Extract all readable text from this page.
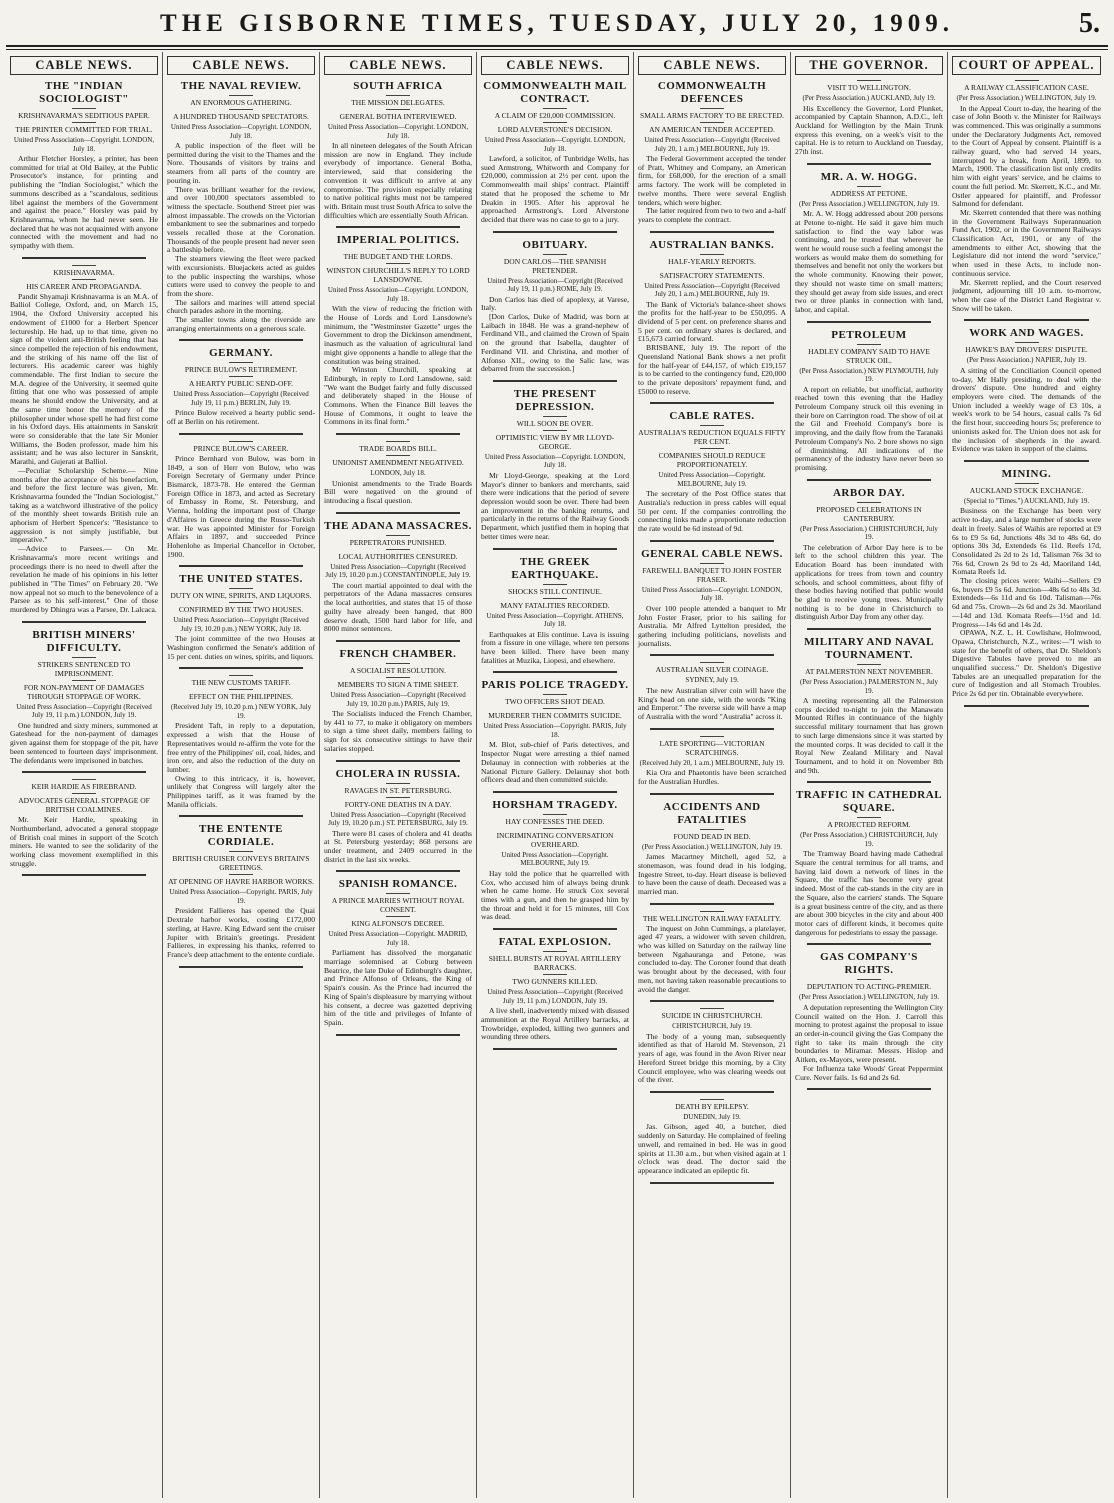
THE GISBORNE TIMES, TUESDAY, JULY 20, 1909.	5.
CABLE NEWS.
THE "INDIAN SOCIOLOGIST"
KRISHNAVARMA'S SEDITIOUS PAPER.
THE PRINTER COMMITTED FOR TRIAL.
United Press Association—Copyright. LONDON, July 18.

Arthur Fletcher Horsley, a printer, has been committed for trial at Old Bailey, at the Public Prosecutor's instance, for printing and publishing the "Indian Sociologist," which the summons described as a "scandalous, seditious libel against the members of the Government and against the peace." Horsley was paid by Krishnavarma, whom he had never seen. He declared that he was not acquainted with anyone connected with the movement and had no sympathy with them.

KRISHNAVARMA.
HIS CAREER AND PROPAGANDA.

Pandit Shyamaji Krishnavarma is an M.A. of Balliol College, Oxford, and, on March 15, 1904, the Oxford University accepted his endowment of £1000 for a Herbert Spencer lectureship. He had, up to that time, given no sign of the violent anti-British feeling that has since compelled the rejection of his endowment, and the striking of his name off the list of lecturers. His academic career was highly commendable. The first Indian to secure the M.A. degree of the University, it seemed quite fitting that one who was possessed of ample means he should endow the University, and at the same time honor the memory of the philosopher under whose spell he had first come in his Oxford days. His attainments in Sanskrit were so considerable that the late Sir Monier Williams, the Boden professor, made him his assistant; and he was also lecturer in Sanskrit, Marathi, and Gujerati at Balliol.

—Peculiar Scholarship Scheme.— Nine months after the acceptance of his benefaction, and before the first lecture was given, Mr. Krishnavarma founded the "Indian Sociologist," taking as a watchword illustrative of the policy of the monthly sheet towards British rule an aphorism of Herbert Spencer's: "Resistance to aggression is not simply justifiable, but imperative."

—Advice to Parsees.— On Mr. Krishnavarma's more recent writings and proceedings there is no need to dwell after the revelation he made of his opinions in his letter published in "The Times" on February 20. "We now appeal not so much to the benevolence of a Parsee as to his self-interest." One of those murdered by Dhingra was a Parsee, Dr. Lalcaca.

BRITISH MINERS' DIFFICULTY.
STRIKERS SENTENCED TO IMPRISONMENT.
FOR NON-PAYMENT OF DAMAGES THROUGH STOPPAGE OF WORK.
United Press Association—Copyright (Received July 19, 11 p.m.) LONDON, July 19.

One hundred and sixty miners, summoned at Gateshead for the non-payment of damages given against them for stoppage of the pit, have been sentenced to fourteen days' imprisonment. The defendants were imprisoned in batches.

KEIR HARDIE AS FIREBRAND.
ADVOCATES GENERAL STOPPAGE OF BRITISH COALMINES.

Mr. Keir Hardie, speaking in Northumberland, advocated a general stoppage of British coal mines in support of the Scotch miners. He wanted to see the solidarity of the working class movement exemplified in this struggle.

CABLE NEWS.
THE NAVAL REVIEW.
AN ENORMOUS GATHERING.
A HUNDRED THOUSAND SPECTATORS.
United Press Association—Copyright. LONDON, July 18.

A public inspection of the fleet will be permitted during the visit to the Thames and the Nore. Thousands of visitors by trains and steamers from all parts of the country are pouring in.

There was brilliant weather for the review, and over 100,000 spectators assembled to witness the spectacle. Southend Street pier was almost impassable. The crowds on the Victorian embankment to see the submarines and torpedo vessels recalled those at the Coronation. Thousands of the people present had never seen a battleship before.

The steamers viewing the fleet were packed with excursionists. Bluejackets acted as guides to the public inspecting the warships, whose cutters were used to convey the people to and from the shore.

The sailors and marines will attend special church parades ashore in the morning.

The smaller towns along the riverside are arranging entertainments on a generous scale.

GERMANY.
PRINCE BULOW'S RETIREMENT.
A HEARTY PUBLIC SEND-OFF.
United Press Association—Copyright (Received July 19, 11 p.m.) BERLIN, July 19.

Prince Bulow received a hearty public send-off at Berlin on his retirement.

PRINCE BULOW'S CAREER.

Prince Bernhard von Bulow, was born in 1849, a son of Herr von Bulow, who was Foreign Secretary of Germany under Prince Bismarck, 1873-78. He entered the German Foreign Office in 1873, and acted as Secretary of Embassy in Rome, St. Petersburg, and Vienna, holding the important post of Charge d'Affaires in Greece during the Russo-Turkish war. He was appointed Minister for Foreign Affairs in 1897, and succeeded Prince Hohenlohe as Imperial Chancellor in October, 1900.

THE UNITED STATES.
DUTY ON WINE, SPIRITS, AND LIQUORS.
CONFIRMED BY THE TWO HOUSES.
United Press Association—Copyright (Received July 19, 10.20 p.m.) NEW YORK, July 18.

The joint committee of the two Houses at Washington confirmed the Senate's addition of 15 per cent. duties on wines, spirits, and liquors.

THE NEW CUSTOMS TARIFF.
EFFECT ON THE PHILIPPINES.
(Received July 19, 10.20 p.m.) NEW YORK, July 19.

President Taft, in reply to a deputation, expressed a wish that the House of Representatives would re-affirm the vote for the free entry of the Philippines' oil, coal, hides, and iron ore, and also the reduction of the duty on lumber.

Owing to this intricacy, it is, however, unlikely that Congress will largely alter the Philippines tariff, as it was framed by the Manila officials.

THE ENTENTE CORDIALE.
BRITISH CRUISER CONVEYS BRITAIN'S GREETINGS.
AT OPENING OF HAVRE HARBOR WORKS.
United Press Association—Copyright. PARIS, July 19.

President Fallieres has opened the Quai Dextrale harbor works, costing £172,000 sterling, at Havre. King Edward sent the cruiser Jupiter with Britain's greetings. President Fallieres, in expressing his thanks, referred to France's deep attachment to the entente cordiale.

CABLE NEWS.
SOUTH AFRICA
THE MISSION DELEGATES.
GENERAL BOTHA INTERVIEWED.
United Press Association—Copyright. LONDON, July 18.

In all nineteen delegates of the South African mission are now in England. They include everybody of importance. General Botha, interviewed, said that considering the convention it was difficult to arrive at any compromise. The provision especially relating to native political rights must not be tampered with. Britain must trust South Africa to solve the difficulties which are essentially South African.

IMPERIAL POLITICS.
THE BUDGET AND THE LORDS.
WINSTON CHURCHILL'S REPLY TO LORD LANSDOWNE.
United Press Association—Copyright. LONDON, July 18.

With the view of reducing the friction with the House of Lords and Lord Lansdowne's minimum, the "Westminster Gazette" urges the Government to drop the Dickinson amendment, inasmuch as the valuation of agricultural land might give opponents a handle to allege that the constitution was being strained.

Mr Winston Churchill, speaking at Edinburgh, in reply to Lord Lansdowne, said: "We want the Budget fairly and fully discussed and deliberately shaped in the House of Commons. When the Finance Bill leaves the House of Commons, it ought to leave the Commons in its final form."

TRADE BOARDS BILL.
UNIONIST AMENDMENT NEGATIVED.
LONDON, July 18.

Unionist amendments to the Trade Boards Bill were negatived on the ground of introducing a fiscal question.

THE ADANA MASSACRES.
PERPETRATORS PUNISHED.
LOCAL AUTHORITIES CENSURED.
United Press Association—Copyright (Received July 19, 10.20 p.m.) CONSTANTINOPLE, July 19.

The court martial appointed to deal with the perpetrators of the Adana massacres censures the local authorities, and states that 15 of those guilty have already been hanged, that 800 deserve death, 1500 hard labor for life, and 8000 minor sentences.

FRENCH CHAMBER.
A SOCIALIST RESOLUTION.
MEMBERS TO SIGN A TIME SHEET.
United Press Association—Copyright (Received July 19, 10.20 p.m.) PARIS, July 19.

The Socialists induced the French Chamber, by 441 to 77, to make it obligatory on members to sign a time sheet daily, members failing to sign for six consecutive sittings to have their salaries stopped.

CHOLERA IN RUSSIA.
RAVAGES IN ST. PETERSBURG.
FORTY-ONE DEATHS IN A DAY.
United Press Association—Copyright (Received July 19, 10.20 p.m.) ST. PETERSBURG, July 19.

There were 81 cases of cholera and 41 deaths at St. Petersburg yesterday; 868 persons are under treatment, and 2409 occurred in the district in the last six weeks.

SPANISH ROMANCE.
A PRINCE MARRIES WITHOUT ROYAL CONSENT.
KING ALFONSO'S DECREE.
United Press Association—Copyright. MADRID, July 18.

Parliament has dissolved the morganatic marriage solemnised at Coburg between Beatrice, the late Duke of Edinburgh's daughter, and Prince Alfonso of Orleans, the King of Spain's cousin. As the Prince had incurred the King of Spain's displeasure by marrying without his consent, a decree was gazetted depriving him of the title and privileges of Infante of Spain.

CABLE NEWS.
COMMONWEALTH MAIL CONTRACT.
A CLAIM OF £20,000 COMMISSION.
LORD ALVERSTONE'S DECISION.
United Press Association—Copyright. LONDON, July 18.

Lawford, a solicitor, of Tunbridge Wells, has sued Armstrong, Whitworth and Company for £20,000, commission at 2½ per cent. upon the Commonwealth mail ships' contract. Plaintiff stated that he proposed the scheme to Mr Deakin in 1905. After his approval he approached Armstrong's. Lord Alverstone decided that there was no case to go to a jury.

OBITUARY.
DON CARLOS—THE SPANISH PRETENDER.
United Press Association—Copyright (Received July 19, 11 p.m.) ROME, July 19.

Don Carlos has died of apoplexy, at Varese, Italy.

[Don Carlos, Duke of Madrid, was born at Laibach in 1848. He was a grand-nephew of Ferdinand VII., and claimed the Crown of Spain on the ground that Isabella, daughter of Ferdinand VII. and Christina, and mother of Alfonso XII., owing to the Salic law, was debarred from the succession.]

THE PRESENT DEPRESSION.
WILL SOON BE OVER.
OPTIMISTIC VIEW BY MR LLOYD-GEORGE.
United Press Association—Copyright. LONDON, July 18.

Mr Lloyd-George, speaking at the Lord Mayor's dinner to bankers and merchants, said there were indications that the period of severe depression would soon be over. There had been an improvement in the banking returns, and particularly in the returns of the Railway Goods Department, which justified them in hoping that better times were near.

THE GREEK EARTHQUAKE.
SHOCKS STILL CONTINUE.
MANY FATALITIES RECORDED.
United Press Association—Copyright. ATHENS, July 18.

Earthquakes at Elis continue. Lava is issuing from a fissure in one village, where ten persons have been killed. There have been many fatalities at Muzika, Liopesi, and elsewhere.

PARIS POLICE TRAGEDY.
TWO OFFICERS SHOT DEAD.
MURDERER THEN COMMITS SUICIDE.
United Press Association—Copyright. PARIS, July 18.

M. Blot, sub-chief of Paris detectives, and Inspector Nugat were arresting a thief named Delaunay in connection with robberies at the National Picture Gallery. Delaunay shot both officers dead and then committed suicide.

HORSHAM TRAGEDY.
HAY CONFESSES THE DEED.
INCRIMINATING CONVERSATION OVERHEARD.
United Press Association—Copyright. MELBOURNE, July 19.

Hay told the police that he quarrelled with Cox, who accused him of always being drunk when he came home. He struck Cox several times with a gun, and then he grasped him by the throat and held it for 15 minutes, till Cox was dead.

FATAL EXPLOSION.
SHELL BURSTS AT ROYAL ARTILLERY BARRACKS.
TWO GUNNERS KILLED.
United Press Association—Copyright (Received July 19, 11 p.m.) LONDON, July 19.

A live shell, inadvertently mixed with disused ammunition at the Royal Artillery barracks, at Trowbridge, exploded, killing two gunners and wounding three others.

CABLE NEWS.
COMMONWEALTH DEFENCES
SMALL ARMS FACTORY TO BE ERECTED.
AN AMERICAN TENDER ACCEPTED.
United Press Association—Copyright (Received July 20, 1 a.m.) MELBOURNE, July 19.

The Federal Government accepted the tender of Pratt, Whitney and Company, an American firm, for £68,000, for the erection of a small arms factory. The work will be completed in twelve months. There were several English tenders, which were higher.

The latter required from two to two and a-half years to complete the contract.

AUSTRALIAN BANKS.
HALF-YEARLY REPORTS.
SATISFACTORY STATEMENTS.
United Press Association—Copyright (Received July 20, 1 a.m.) MELBOURNE, July 19.

The Bank of Victoria's balance-sheet shows the profits for the half-year to be £50,095. A dividend of 5 per cent. on preference shares and 5 per cent. on ordinary shares is declared, and £15,673 carried forward.

BRISBANE, July 19. The report of the Queensland National Bank shows a net profit for the half-year of £44,157, of which £19,157 is to be carried to the contingency fund, £20,000 to the private depositors' repayment fund, and £5000 to reserve.

CABLE RATES.
AUSTRALIA'S REDUCTION EQUALS FIFTY PER CENT.
COMPANIES SHOULD REDUCE PROPORTIONATELY.
United Press Association—Copyright. MELBOURNE, July 19.

The secretary of the Post Office states that Australia's reduction in press cables will equal 50 per cent. If the companies controlling the connecting links made a proportionate reduction the rate would be 6d instead of 9d.

GENERAL CABLE NEWS.
FAREWELL BANQUET TO JOHN FOSTER FRASER.
United Press Association—Copyright. LONDON, July 18.

Over 100 people attended a banquet to Mr John Foster Fraser, prior to his sailing for Australia. Mr Alfred Lyttelton presided, the gathering including politicians, novelists and journalists.

AUSTRALIAN SILVER COINAGE.
SYDNEY, July 19.

The new Australian silver coin will have the King's head on one side, with the words "King and Emperor." The reverse side will have a map of Australia with the word "Australia" across it.

LATE SPORTING—VICTORIAN SCRATCHINGS.
(Received July 20, 1 a.m.) MELBOURNE, July 19.

Kia Ora and Phaetontis have been scratched for the Australian Hurdles.

ACCIDENTS AND FATALITIES
FOUND DEAD IN BED.
(Per Press Association.) WELLINGTON, July 19.

James Macartney Mitchell, aged 52, a stonemason, was found dead in his lodging, Ingestre Street, to-day. Heart disease is believed to have been the cause of death. Deceased was a married man.

THE WELLINGTON RAILWAY FATALITY.

The inquest on John Cummings, a platelayer, aged 47 years, a widower with seven children, who was killed on Saturday on the railway line between Ngahauranga and Petone, was concluded to-day. The Coroner found that death was brought about by the deceased, with four men, not having taken reasonable precautions to avoid the danger.

SUICIDE IN CHRISTCHURCH.
CHRISTCHURCH, July 19.

The body of a young man, subsequently identified as that of Harold M. Stevenson, 21 years of age, was found in the Avon River near Hereford Street bridge this morning, by a City Council employee, who was clearing weeds out of the river.

DEATH BY EPILEPSY.
DUNEDIN, July 19.

Jas. Gibson, aged 40, a butcher, died suddenly on Saturday. He complained of feeling unwell, and remained in bed. He was in good spirits at 11.30 a.m., but when visited again at 1 o'clock was dead. The doctor said the appearance indicated an epileptic fit.

THE GOVERNOR.
VISIT TO WELLINGTON.
(Per Press Association.) AUCKLAND, July 19.

His Excellency the Governor, Lord Plunket, accompanied by Captain Shannon, A.D.C., left Auckland for Wellington by the Main Trunk express this evening, on a week's visit to the capital. He is to return to Auckland on Tuesday, 27th inst.

MR. A. W. HOGG.
ADDRESS AT PETONE.
(Per Press Association.) WELLINGTON, July 19.

Mr. A. W. Hogg addressed about 200 persons at Petone to-night. He said it gave him much satisfaction to find the way labor was continuing, and he trusted that wherever he went he would rouse such a feeling amongst the workers as would make them do something for themselves and benefit not only the workers but the whole community. Knowing their power, they should not waste time on small matters; they should get away from side issues, and erect two or three planks in connection with land, labor, and capital.

PETROLEUM
HADLEY COMPANY SAID TO HAVE STRUCK OIL.
(Per Press Association.) NEW PLYMOUTH, July 19.

A report on reliable, but unofficial, authority reached town this evening that the Hadley Petroleum Company struck oil this evening in their bore on Carrington road. The show of oil at the Gil and Freehold Company's bore is improving, and the daily flow from the Taranaki Petroleum Company's No. 2 bore shows no sign of diminishing. All indications of the permanency of the industry have never been so promising.

ARBOR DAY.
PROPOSED CELEBRATIONS IN CANTERBURY.
(Per Press Association.) CHRISTCHURCH, July 19.

The celebration of Arbor Day here is to be left to the school children this year. The Education Board has been inundated with applications for trees from town and country schools, and school committees, about fifty of these bodies having notified that public would be glad to receive young trees. Municipally nothing is to be done in Christchurch to distinguish Arbor Day from any other day.

MILITARY AND NAVAL TOURNAMENT.
AT PALMERSTON NEXT NOVEMBER.
(Per Press Association.) PALMERSTON N., July 19.

A meeting representing all the Palmerston corps decided to-night to join the Manawatu Mounted Rifles in continuance of the highly successful military tournament that has grown to such large dimensions since it was started by the mounted corps. It was decided to call it the Royal New Zealand Military and Naval Tournament, and to hold it on November 8th and 9th.

TRAFFIC IN CATHEDRAL SQUARE.
A PROJECTED REFORM.
(Per Press Association.) CHRISTCHURCH, July 19.

The Tramway Board having made Cathedral Square the central terminus for all trams, and having laid down a network of lines in the Square, the traffic has become very great indeed. Most of the cab-stands in the city are in the Square, also the carriers' stands. The Square is a great business centre of the city, and as there are about 300 bicycles in the city and about 400 motor cars of different kinds, it becomes quite dangerous for pedestrians to essay the passage.

GAS COMPANY'S RIGHTS.
DEPUTATION TO ACTING-PREMIER.
(Per Press Association.) WELLINGTON, July 19.

A deputation representing the Wellington City Council waited on the Hon. J. Carroll this morning to protest against the proposal to issue an order-in-council giving the Gas Company the right to take its main through the city boundaries to Miramar. Messrs. Hislop and Aitken, ex-Mayors, were present.

For Influenza take Woods' Great Peppermint Cure. Never fails. 1s 6d and 2s 6d.

COURT OF APPEAL.
A RAILWAY CLASSIFICATION CASE.
(Per Press Association.) WELLINGTON, July 19.

In the Appeal Court to-day, the hearing of the case of John Booth v. the Minister for Railways was commenced. This was originally a summons under the Declaratory Judgments Act, removed to the Court of Appeal by consent. Plaintiff is a railway guard, who had served 14 years, interrupted by a break, from April, 1899, to March, 1900. The classification list only credits him with eight years' service, and he claims to count the full period. Mr. Skerrett, K.C., and Mr. Ostler appeared for plaintiff, and Professor Salmond for defendant.

Mr. Skerrett contended that there was nothing in the Government Railways Superannuation Fund Act, 1902, or in the Government Railways Classification Act, 1901, or any of the amendments to either Act, showing that the Legislature did not intend the word "service," when used in these Acts, to include non-continuous service.

Mr. Skerrett replied, and the Court reserved judgment, adjourning till 10 a.m. to-morrow, when the case of the District Land Registrar v. Snow will be taken.

WORK AND WAGES.
HAWKE'S BAY DROVERS' DISPUTE.
(Per Press Association.) NAPIER, July 19.

A sitting of the Conciliation Council opened to-day, Mr Hally presiding, to deal with the drovers' dispute. One hundred and eighty employers were cited. The demands of the Union included a weekly wage of £3 10s, a week's work to be 54 hours, casual calls 7s 6d the first hour, succeeding hours 5s; preference to unionists asked for. The Union does not ask for the inclusion of shepherds in the award. Evidence was taken in support of the claims.

MINING.
AUCKLAND STOCK EXCHANGE.
(Special to "Times.") AUCKLAND, July 19.

Business on the Exchange has been very active to-day, and a large number of stocks were dealt in freely. Sales of Waihis are reported at £9 6s to £9 5s 6d, Junctions 48s 3d to 48s 6d, do options 30s 3d, Extendeds 6s 11d. Reefs 17d, Consolidated 2s 2d to 2s 1d, Talisman 76s 3d to 76s 6d, Crown 2s 9d to 2s 4d, Maoriland 14d, Komata Reefs 1d.

The closing prices were: Waihi—Sellers £9 6s, buyers £9 5s 6d. Junction—48s 6d to 48s 3d. Extendeds—6s 11d and 6s 10d. Talisman—76s 6d and 75s. Crown—2s 6d and 2s 3d. Maoriland—14d and 13d. Komata Reefs—1½d and 1d. Progress—14s 6d and 14s 2d.

OPAWA, N.Z. L. H. Cowlishaw, Holmwood, Opawa, Christchurch, N.Z., writes:—"I wish to state for the benefit of others, that Dr. Sheldon's Digestive Tabules have proved to me an unqualified success." Dr. Sheldon's Digestive Tabules are an unequalled preparation for the cure of Indigestion and all Stomach Troubles. Price 2s 6d per tin. Obtainable everywhere.
